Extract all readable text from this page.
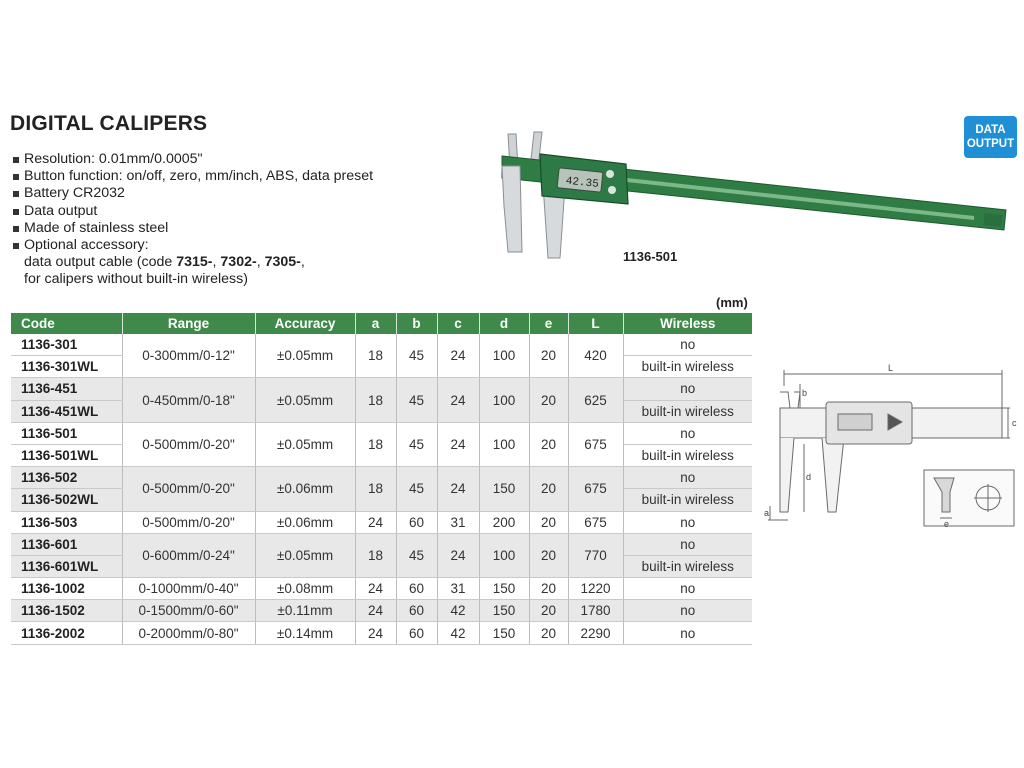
DIGITAL CALIPERS
Resolution: 0.01mm/0.0005"
Button function: on/off, zero, mm/inch, ABS, data preset
Battery CR2032
Data output
Made of stainless steel
Optional accessory:
data output cable (code 7315-, 7302-, 7305-,
for calipers without built-in wireless)
DATA
OUTPUT
42.35
1136-501
(mm)
Code	Range	Accuracy	a	b	c	d	e	L	Wireless
1136-301	0-300mm/0-12"	±0.05mm	18	45	24	100	20	420	no
1136-301WL									built-in wireless
1136-451	0-450mm/0-18"	±0.05mm	18	45	24	100	20	625	no
1136-451WL									built-in wireless
1136-501	0-500mm/0-20"	±0.05mm	18	45	24	100	20	675	no
1136-501WL									built-in wireless
1136-502	0-500mm/0-20"	±0.06mm	18	45	24	150	20	675	no
1136-502WL									built-in wireless
1136-503	0-500mm/0-20"	±0.06mm	24	60	31	200	20	675	no
1136-601	0-600mm/0-24"	±0.05mm	18	45	24	100	20	770	no
1136-601WL									built-in wireless
1136-1002	0-1000mm/0-40"	±0.08mm	24	60	31	150	20	1220	no
1136-1502	0-1500mm/0-60"	±0.11mm	24	60	42	150	20	1780	no
1136-2002	0-2000mm/0-80"	±0.14mm	24	60	42	150	20	2290	no
L
b
c
d
a
e
